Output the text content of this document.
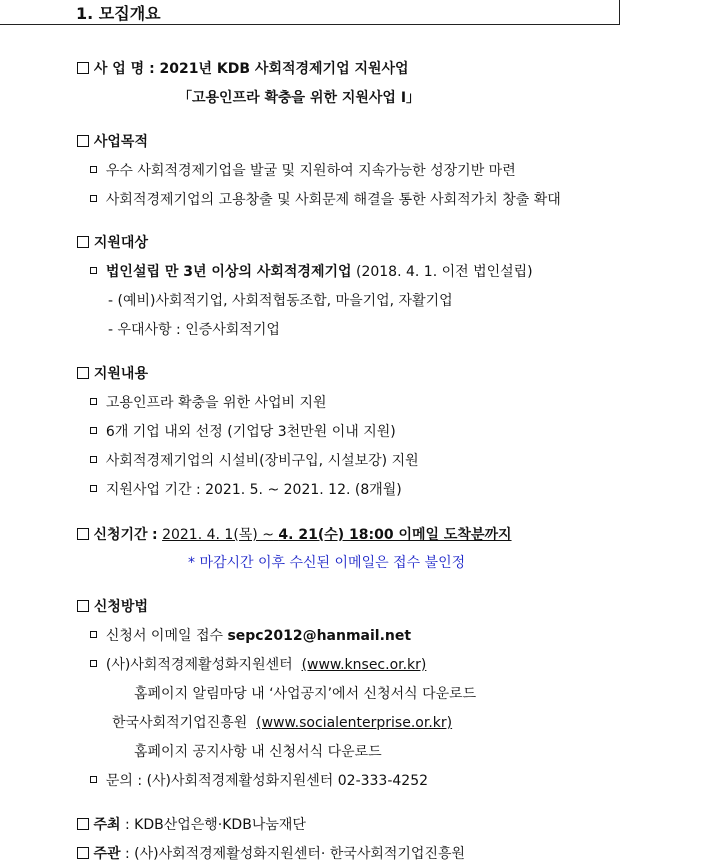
1. 모집개요
사 업 명 : 2021년 KDB 사회적경제기업 지원사업
「고용인프라 확충을 위한 지원사업 Ⅰ」
사업목적
우수 사회적경제기업을 발굴 및 지원하여 지속가능한 성장기반 마련
사회적경제기업의 고용창출 및 사회문제 해결을 통한 사회적가치 창출 확대
지원대상
법인설립 만 3년 이상의 사회적경제기업 (2018. 4. 1. 이전 법인설립)
- (예비)사회적기업, 사회적협동조합, 마을기업, 자활기업
- 우대사항 : 인증사회적기업
지원내용
고용인프라 확충을 위한 사업비 지원
6개 기업 내외 선정 (기업당 3천만원 이내 지원)
사회적경제기업의 시설비(장비구입, 시설보강) 지원
지원사업 기간 : 2021. 5. ~ 2021. 12. (8개월)
신청기간 : 2021. 4. 1(목) ~ 4. 21(수) 18:00 이메일 도착분까지
* 마감시간 이후 수신된 이메일은 접수 불인정
신청방법
신청서 이메일 접수 sepc2012@hanmail.net
(사)사회적경제활성화지원센터 (www.knsec.or.kr)
홈페이지 알림마당 내 ‘사업공지’에서 신청서식 다운로드
한국사회적기업진흥원 (www.socialenterprise.or.kr)
홈페이지 공지사항 내 신청서식 다운로드
문의 : (사)사회적경제활성화지원센터 02-333-4252
주최 : KDB산업은행·KDB나눔재단
주관 : (사)사회적경제활성화지원센터· 한국사회적기업진흥원
